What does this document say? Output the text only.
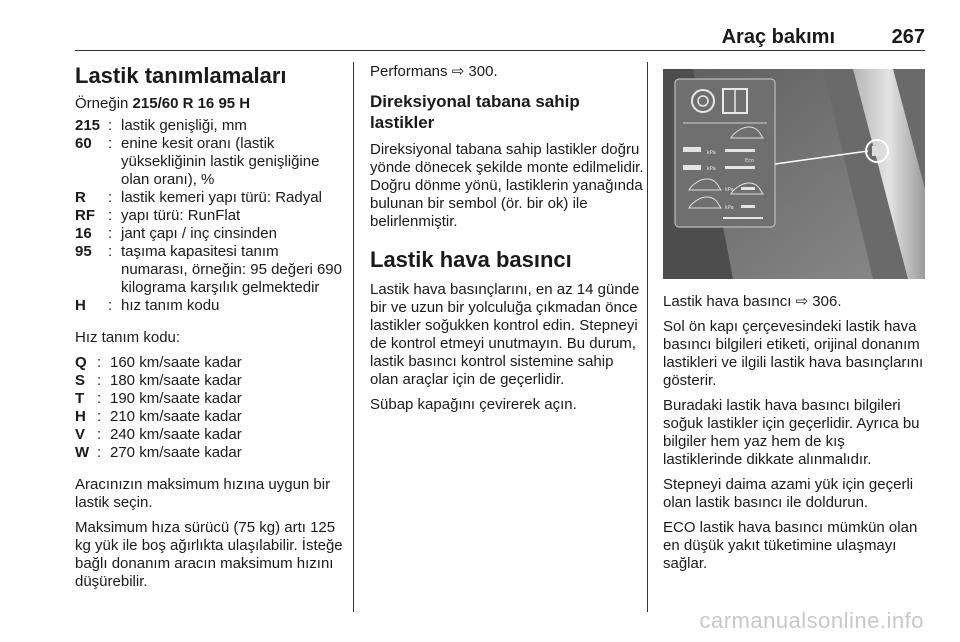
Araç bakımı	267
Lastik tanımlamaları

Örneğin 215/60 R 16 95 H

215 : lastik genişliği, mm
60	: enine kesit oranı (lastik yüksekliğinin lastik genişliğine olan oranı), %
R	: lastik kemeri yapı türü: Radyal
RF : yapı türü: RunFlat
16	: jant çapı / inç cinsinden
95	: taşıma kapasitesi tanım numarası, örneğin: 95 değeri 690 kilograma karşılık gelmektedir
H	: hız tanım kodu

Hız tanım kodu:

Q : 160 km/saate kadar
S : 180 km/saate kadar
T : 190 km/saate kadar
H : 210 km/saate kadar
V : 240 km/saate kadar
W : 270 km/saate kadar

Aracınızın maksimum hızına uygun bir lastik seçin.

Maksimum hıza sürücü (75 kg) artı 125 kg yük ile boş ağırlıkta ulaşılabilir. İsteğe bağlı donanım aracın maksimum hızını düşürebilir.

Performans ⇨ 300.

Direksiyonal tabana sahip lastikler

Direksiyonal tabana sahip lastikler doğru yönde dönecek şekilde monte edilmelidir. Doğru dönme yönü, lastiklerin yanağında bulunan bir sembol (ör. bir ok) ile belirlenmiştir.

Lastik hava basıncı

Lastik hava basınçlarını, en az 14 günde bir ve uzun bir yolculuğa çıkmadan önce lastikler soğukken kontrol edin. Stepneyi de kontrol etmeyi unutmayın. Bu durum, lastik basıncı kontrol sistemine sahip olan araçlar için de geçerlidir.

Sübap kapağını çevirerek açın.

kPa
Eco
kPa
kPa
kPa

Lastik hava basıncı ⇨ 306.

Sol ön kapı çerçevesindeki lastik hava basıncı bilgileri etiketi, orijinal donanım lastikleri ve ilgili lastik hava basınçlarını gösterir.

Buradaki lastik hava basıncı bilgileri soğuk lastikler için geçerlidir. Ayrıca bu bilgiler hem yaz hem de kış lastiklerinde dikkate alınmalıdır.

Stepneyi daima azami yük için geçerli olan lastik basıncı ile doldurun.

ECO lastik hava basıncı mümkün olan en düşük yakıt tüketimine ulaşmayı sağlar.

carmanualsonline.info
